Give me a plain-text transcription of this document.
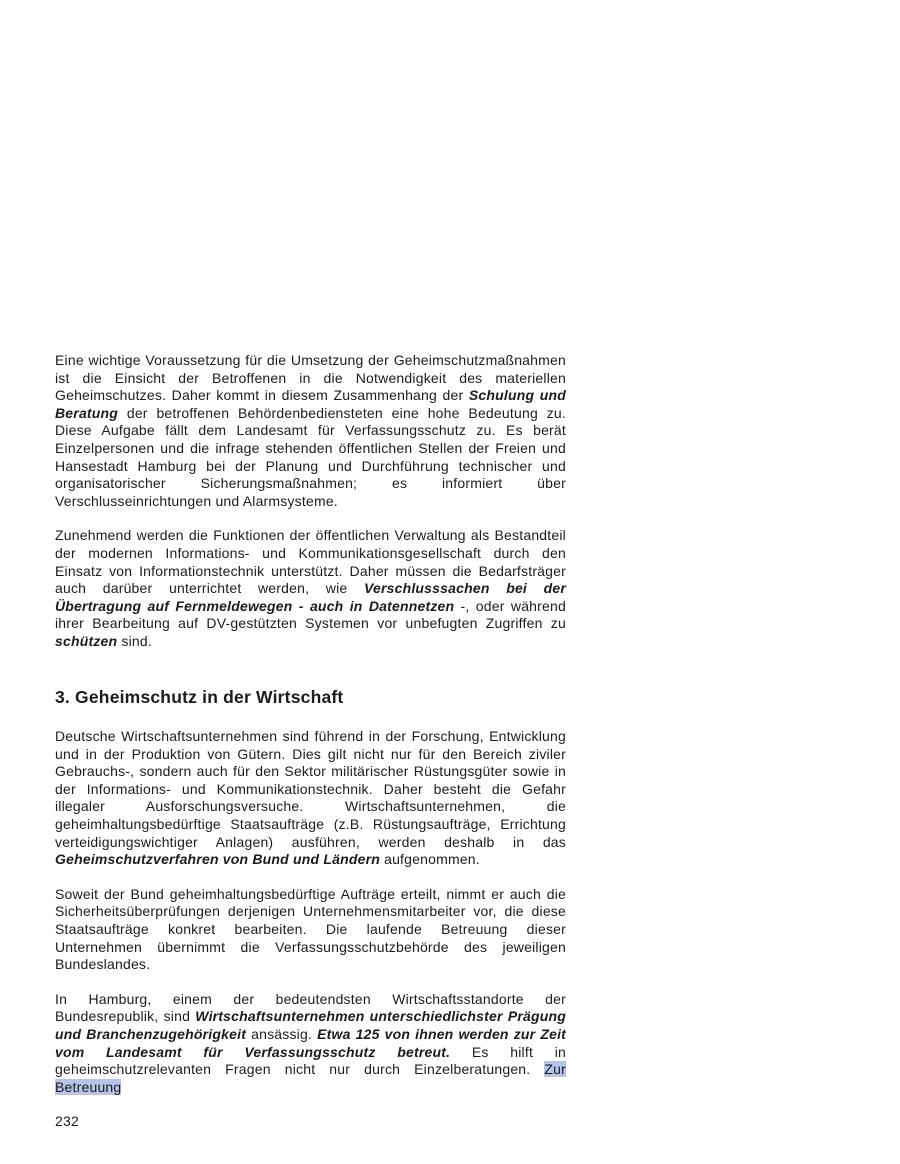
Eine wichtige Voraussetzung für die Umsetzung der Geheimschutzmaßnahmen ist die Einsicht der Betroffenen in die Notwendigkeit des materiellen Geheimschutzes. Daher kommt in diesem Zusammenhang der Schulung und Beratung der betroffenen Behördenbediensteten eine hohe Bedeutung zu. Diese Aufgabe fällt dem Landesamt für Verfassungsschutz zu. Es berät Einzelpersonen und die infrage stehenden öffentlichen Stellen der Freien und Hansestadt Hamburg bei der Planung und Durchführung technischer und organisatorischer Sicherungsmaßnahmen; es informiert über Verschlusseinrichtungen und Alarmsysteme.

Zunehmend werden die Funktionen der öffentlichen Verwaltung als Bestandteil der modernen Informations- und Kommunikationsgesellschaft durch den Einsatz von Informationstechnik unterstützt. Daher müssen die Bedarfsträger auch darüber unterrichtet werden, wie Verschlusssachen bei der Übertragung auf Fernmeldewegen - auch in Datennetzen -, oder während ihrer Bearbeitung auf DV-gestützten Systemen vor unbefugten Zugriffen zu schützen sind.

3. Geheimschutz in der Wirtschaft

Deutsche Wirtschaftsunternehmen sind führend in der Forschung, Entwicklung und in der Produktion von Gütern. Dies gilt nicht nur für den Bereich ziviler Gebrauchs-, sondern auch für den Sektor militärischer Rüstungsgüter sowie in der Informations- und Kommunikationstechnik. Daher besteht die Gefahr illegaler Ausforschungsversuche. Wirtschaftsunternehmen, die geheimhaltungsbedürftige Staatsaufträge (z.B. Rüstungsaufträge, Errichtung verteidigungswichtiger Anlagen) ausführen, werden deshalb in das Geheimschutzverfahren von Bund und Ländern aufgenommen.

Soweit der Bund geheimhaltungsbedürftige Aufträge erteilt, nimmt er auch die Sicherheitsüberprüfungen derjenigen Unternehmensmitarbeiter vor, die diese Staatsaufträge konkret bearbeiten. Die laufende Betreuung dieser Unternehmen übernimmt die Verfassungsschutzbehörde des jeweiligen Bundeslandes.

In Hamburg, einem der bedeutendsten Wirtschaftsstandorte der Bundesrepublik, sind Wirtschaftsunternehmen unterschiedlichster Prägung und Branchenzugehörigkeit ansässig. Etwa 125 von ihnen werden zur Zeit vom Landesamt für Verfassungsschutz betreut. Es hilft in geheimschutzrelevanten Fragen nicht nur durch Einzelberatungen. Zur Betreuung

232
